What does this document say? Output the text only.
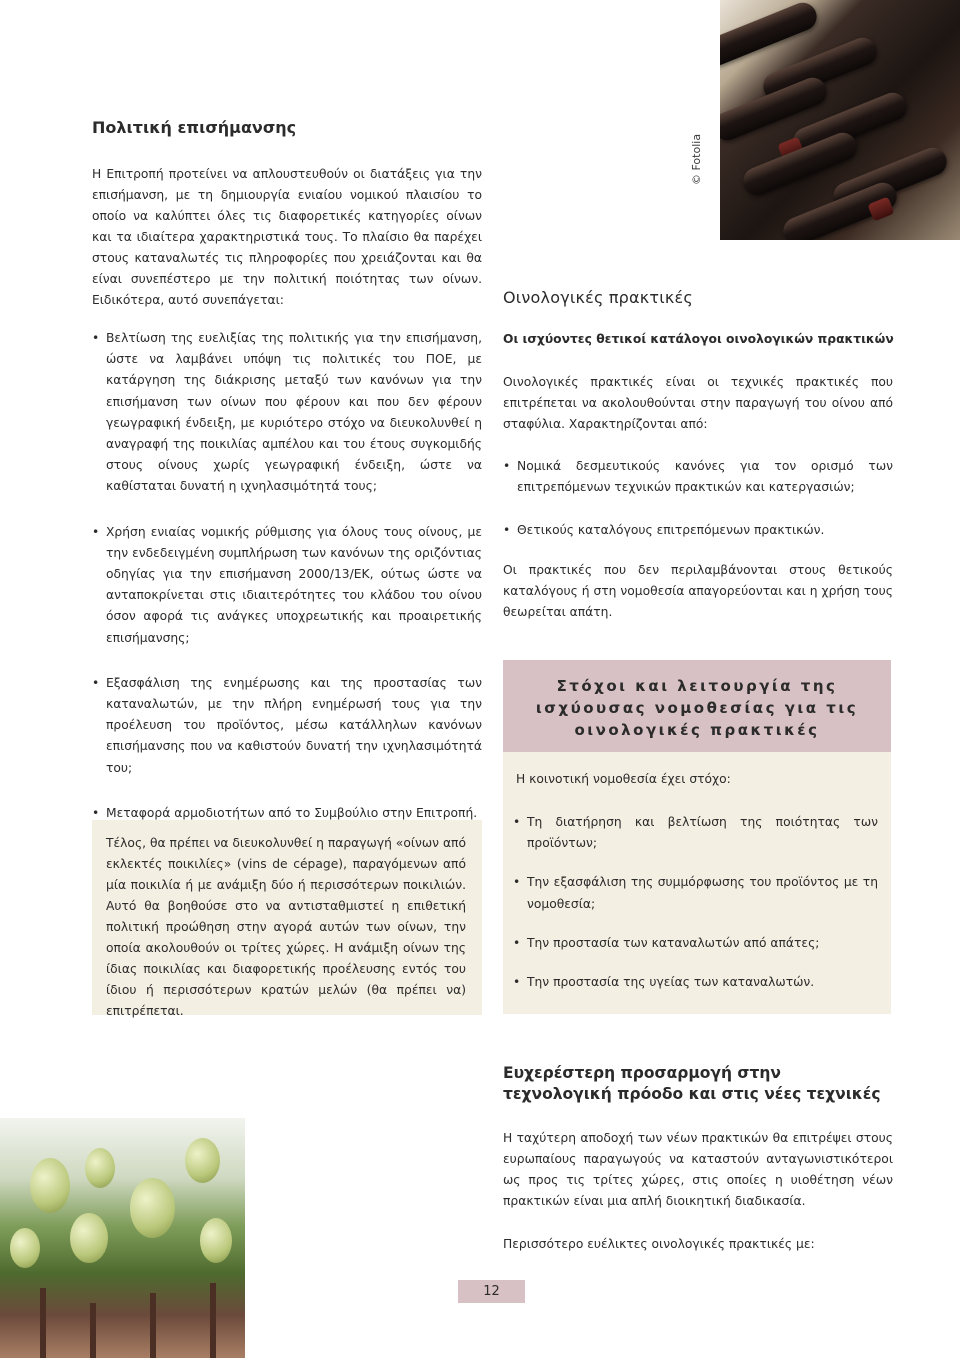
© Fotolia
Πολιτική επισήμανσης

Η Επιτροπή προτείνει να απλουστευθούν οι διατάξεις για την επισήμανση, με τη δημιουργία ενιαίου νομικού πλαισίου το οποίο να καλύπτει όλες τις διαφορετικές κατηγορίες οίνων και τα ιδιαίτερα χαρακτηριστικά τους. Το πλαίσιο θα παρέχει στους καταναλωτές τις πληροφορίες που χρειάζονται και θα είναι συνεπέστερο με την πολιτική ποιότητας των οίνων. Ειδικότερα, αυτό συνεπάγεται:

• Βελτίωση της ευελιξίας της πολιτικής για την επισήμανση, ώστε να λαμβάνει υπόψη τις πολιτικές του ΠΟΕ, με κατάργηση της διάκρισης μεταξύ των κανόνων για την επισήμανση των οίνων που φέρουν και που δεν φέρουν γεωγραφική ένδειξη, με κυριότερο στόχο να διευκολυνθεί η αναγραφή της ποικιλίας αμπέλου και του έτους συγκομιδής στους οίνους χωρίς γεωγραφική ένδειξη, ώστε να καθίσταται δυνατή η ιχνηλασιμότητά τους;
• Χρήση ενιαίας νομικής ρύθμισης για όλους τους οίνους, με την ενδεδειγμένη συμπλήρωση των κανόνων της οριζόντιας οδηγίας για την επισήμανση 2000/13/ΕΚ, ούτως ώστε να ανταποκρίνεται στις ιδιαιτερότητες του κλάδου του οίνου όσον αφορά τις ανάγκες υποχρεωτικής και προαιρετικής επισήμανσης;
• Εξασφάλιση της ενημέρωσης και της προστασίας των καταναλωτών, με την πλήρη ενημέρωσή τους για την προέλευση του προϊόντος, μέσω κατάλληλων κανόνων επισήμανσης που να καθιστούν δυνατή την ιχνηλασιμότητά του;
• Μεταφορά αρμοδιοτήτων από το Συμβούλιο στην Επιτροπή.

Τέλος, θα πρέπει να διευκολυνθεί η παραγωγή «οίνων από εκλεκτές ποικιλίες» (vins de cépage), παραγόμενων από μία ποικιλία ή με ανάμιξη δύο ή περισσότερων ποικιλιών. Αυτό θα βοηθούσε στο να αντισταθμιστεί η επιθετική πολιτική προώθηση στην αγορά αυτών των οίνων, την οποία ακολουθούν οι τρίτες χώρες. Η ανάμιξη οίνων της ίδιας ποικιλίας και διαφορετικής προέλευσης εντός του ίδιου ή περισσότερων κρατών μελών (θα πρέπει να) επιτρέπεται.

Οινολογικές πρακτικές

Οι ισχύοντες θετικοί κατάλογοι οινολογικών πρακτικών

Οινολογικές πρακτικές είναι οι τεχνικές πρακτικές που επιτρέπεται να ακολουθούνται στην παραγωγή του οίνου από σταφύλια. Χαρακτηρίζονται από:

• Νομικά δεσμευτικούς κανόνες για τον ορισμό των επιτρεπόμενων τεχνικών πρακτικών και κατεργασιών;
• Θετικούς καταλόγους επιτρεπόμενων πρακτικών.

Οι πρακτικές που δεν περιλαμβάνονται στους θετικούς καταλόγους ή στη νομοθεσία απαγορεύονται και η χρήση τους θεωρείται απάτη.

Στόχοι και λειτουργία της ισχύουσας νομοθεσίας για τις οινολογικές πρακτικές

Η κοινοτική νομοθεσία έχει στόχο:

• Τη διατήρηση και βελτίωση της ποιότητας των προϊόντων;
• Την εξασφάλιση της συμμόρφωσης του προϊόντος με τη νομοθεσία;
• Την προστασία των καταναλωτών από απάτες;
• Την προστασία της υγείας των καταναλωτών.
Ευχερέστερη προσαρμογή στην τεχνολογική πρόοδο και στις νέες τεχνικές

Η ταχύτερη αποδοχή των νέων πρακτικών θα επιτρέψει στους ευρωπαίους παραγωγούς να καταστούν ανταγωνιστικότεροι ως προς τις τρίτες χώρες, στις οποίες η υιοθέτηση νέων πρακτικών είναι μια απλή διοικητική διαδικασία.

Περισσότερο ευέλικτες οινολογικές πρακτικές με:

12
